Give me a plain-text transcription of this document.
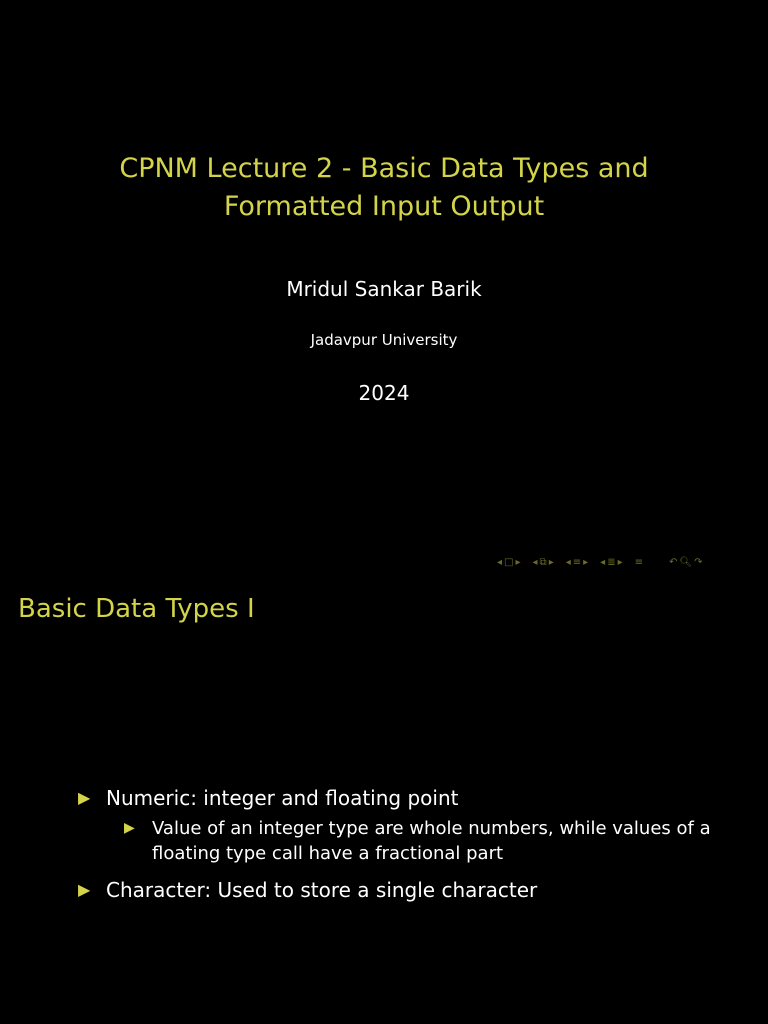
CPNM Lecture 2 - Basic Data Types and
Formatted Input Output
Mridul Sankar Barik
Jadavpur University
2024
◂ □ ▸ ◂ ⧉ ▸ ◂ ≡ ▸ ◂ ≣ ▸ ≡	↶ 🔍︎ ↷
Basic Data Types I
▶ Numeric: integer and floating point
▶ Value of an integer type are whole numbers, while values of a floating type call have a fractional part
▶ Character: Used to store a single character
